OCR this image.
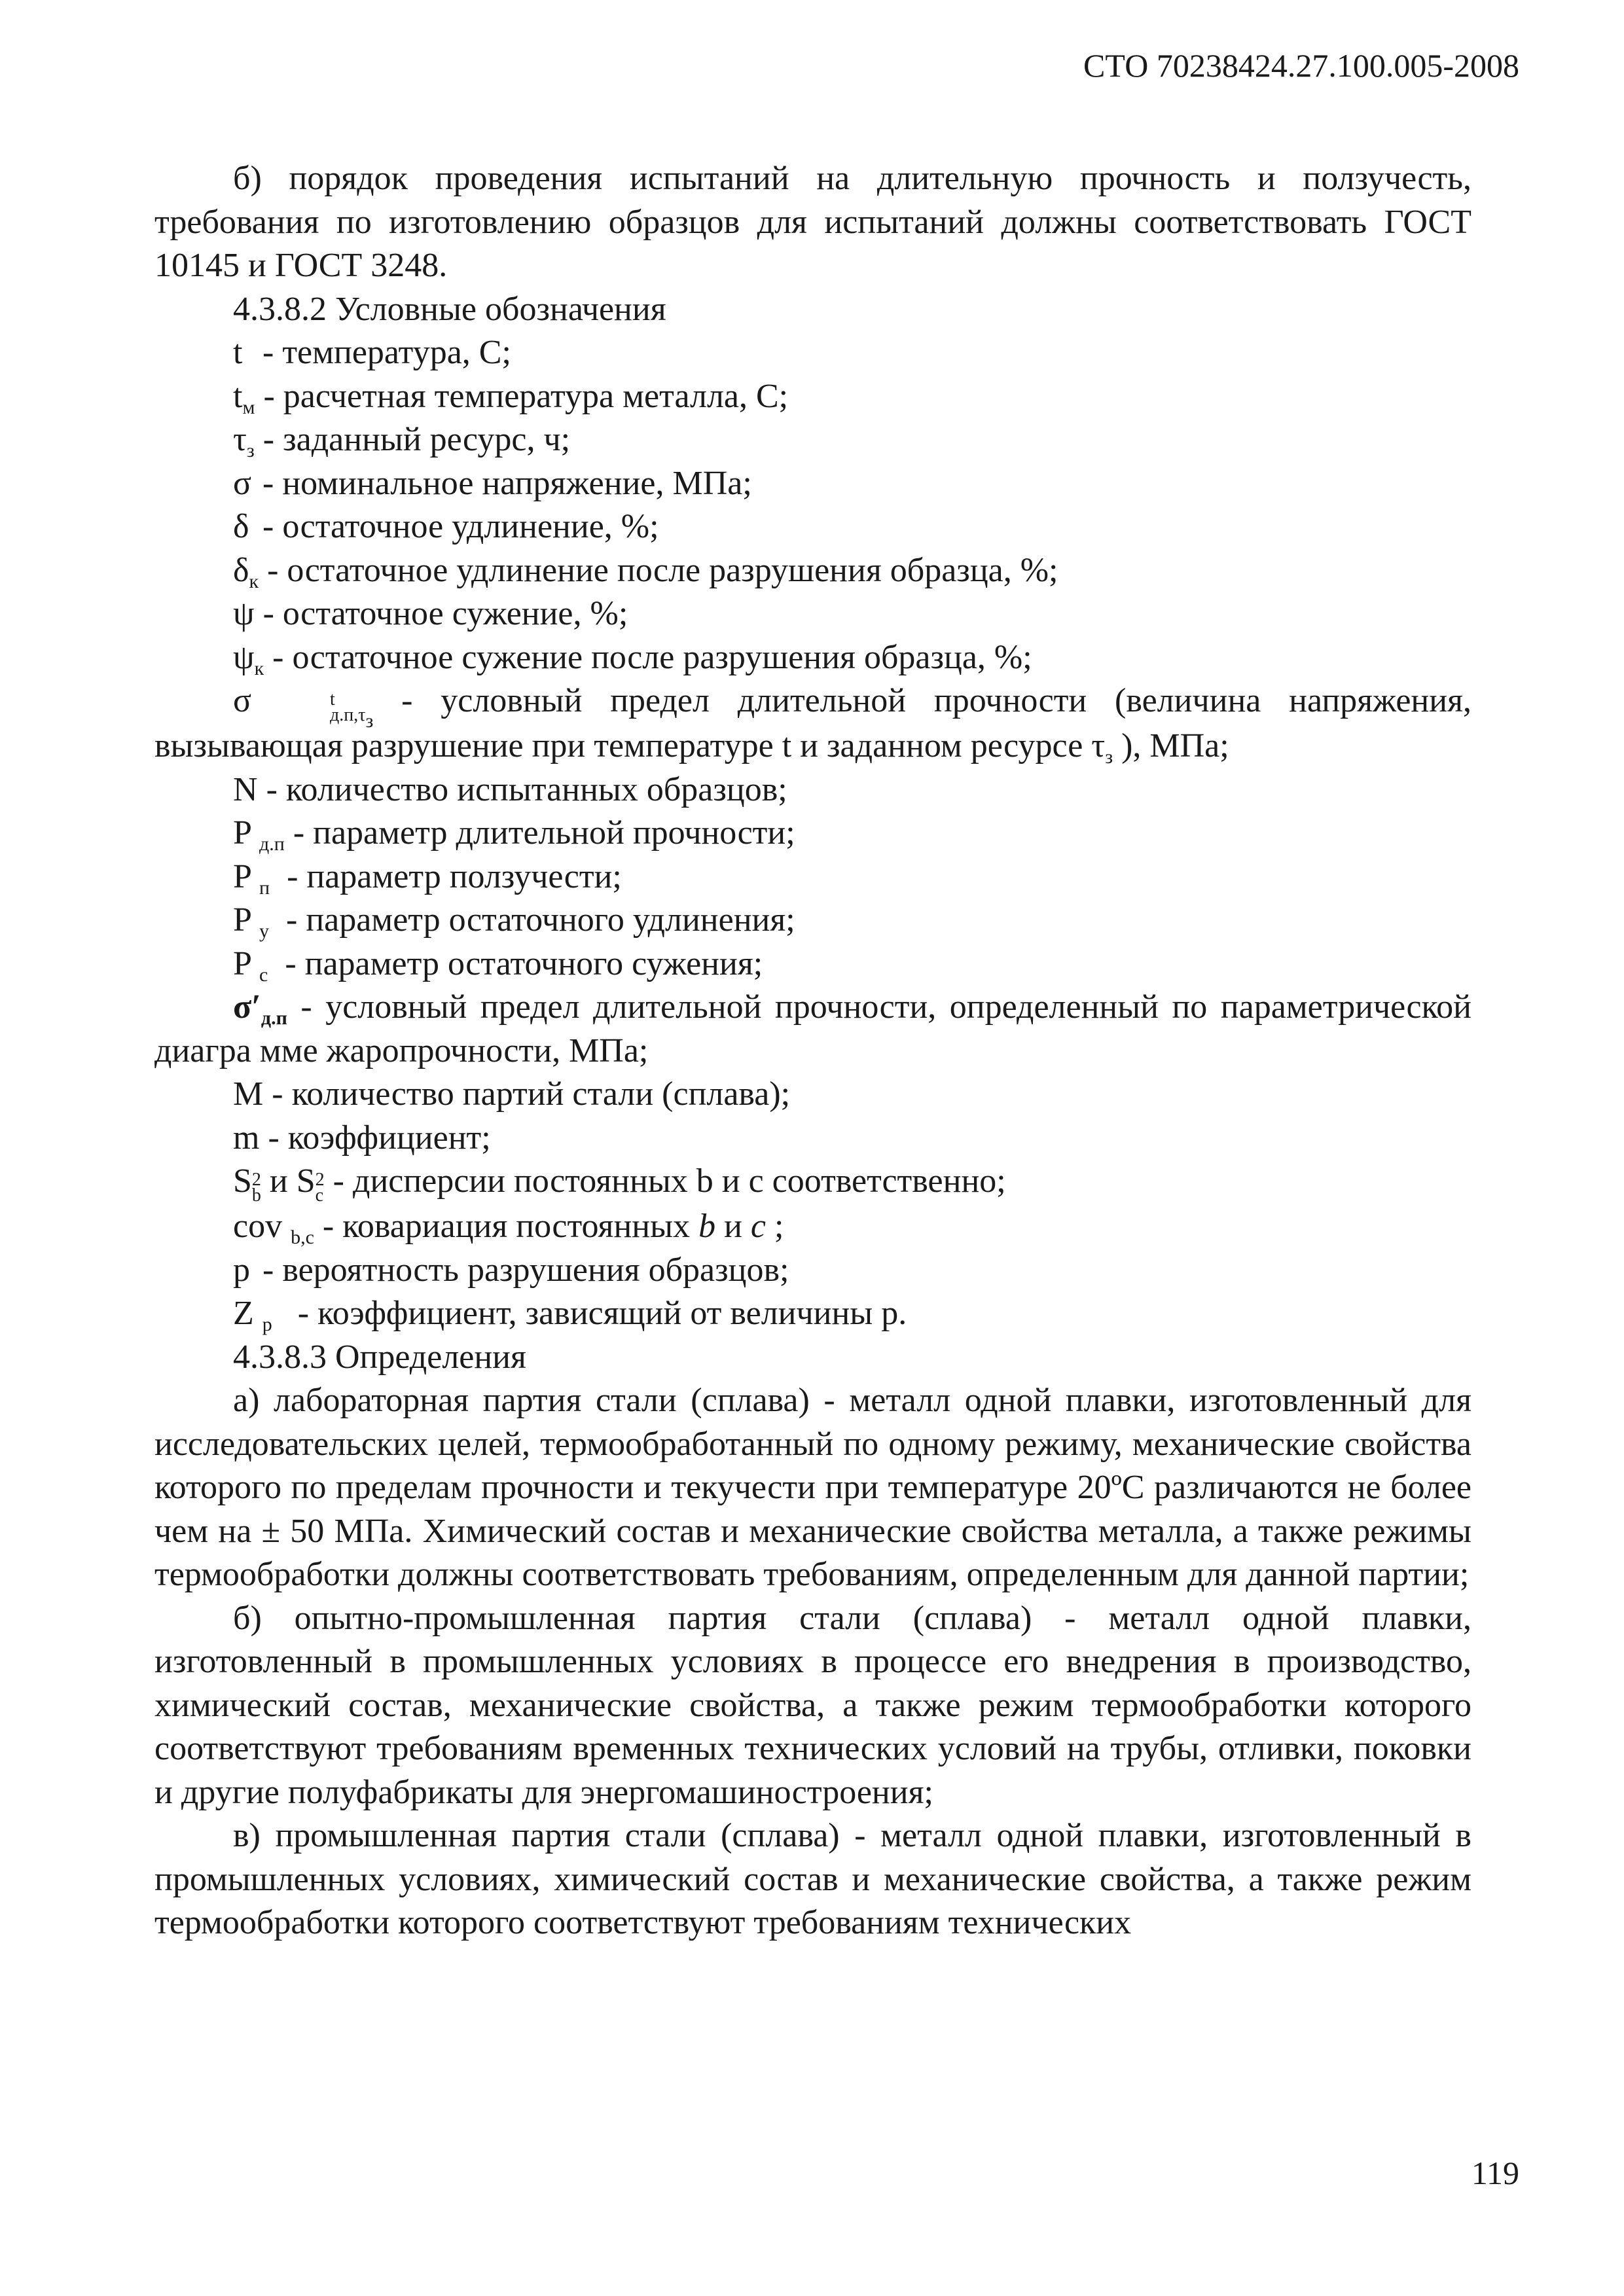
СТО 70238424.27.100.005-2008

б) порядок проведения испытаний на длительную прочность и ползучесть, требования по изготовлению образцов для испытаний должны соответствовать ГОСТ 10145 и ГОСТ 3248.

4.3.8.2 Условные обозначения

t - температура, С;

$t_м$ - расчетная температура металла, С;

$\tau_з$ - заданный ресурс, ч;

σ - номинальное напряжение, МПа;

δ - остаточное удлинение, %;

$\delta_к$ - остаточное удлинение после разрушения образца, %;

ψ - остаточное сужение, %;

$\psi_к$ - остаточное сужение после разрушения образца, %;

σ	t
$д.п,\tau_з$
- условный предел длительной прочности (величина напряжения, вызывающая разрушение при температуре t и заданном ресурсе $\tau_з$ ), МПа;

N - количество испытанных образцов;

P $_{д.п}$ - параметр длительной прочности;

P $_п$ - параметр ползучести;

P $_у$ - параметр остаточного удлинения;

P $_с$ - параметр остаточного сужения;

$\sigma'_{д.п}$ - условный предел длительной прочности, определенный по параметрической диагра мме жаропрочности, МПа;

М - количество партий стали (сплава);

m - коэффициент;

S 2
b и S 2
c - дисперсии постоянных b и с соответственно;

cov $_{b,c}$ - ковариация постоянных b и c ;

p - вероятность разрушения образцов;

Z $_p$ - коэффициент, зависящий от величины p.

4.3.8.3 Определения

а) лабораторная партия стали (сплава) - металл одной плавки, изготовленный для исследовательских целей, термообработанный по одному режиму, механические свойства которого по пределам прочности и текучести при температуре 20ºС различаются не более чем на ± 50 МПа. Химический состав и механические свойства металла, а также режимы термообработки должны соответствовать требованиям, определенным для данной партии;

б) опытно-промышленная партия стали (сплава) - металл одной плавки, изготовленный в промышленных условиях в процессе его внедрения в производство, химический состав, механические свойства, а также режим термообработки которого соответствуют требованиям временных технических условий на трубы, отливки, поковки и другие полуфабрикаты для энергомашиностроения;

в) промышленная партия стали (сплава) - металл одной плавки, изготовленный в промышленных условиях, химический состав и механические свойства, а также режим термообработки которого соответствуют требованиям технических

119
